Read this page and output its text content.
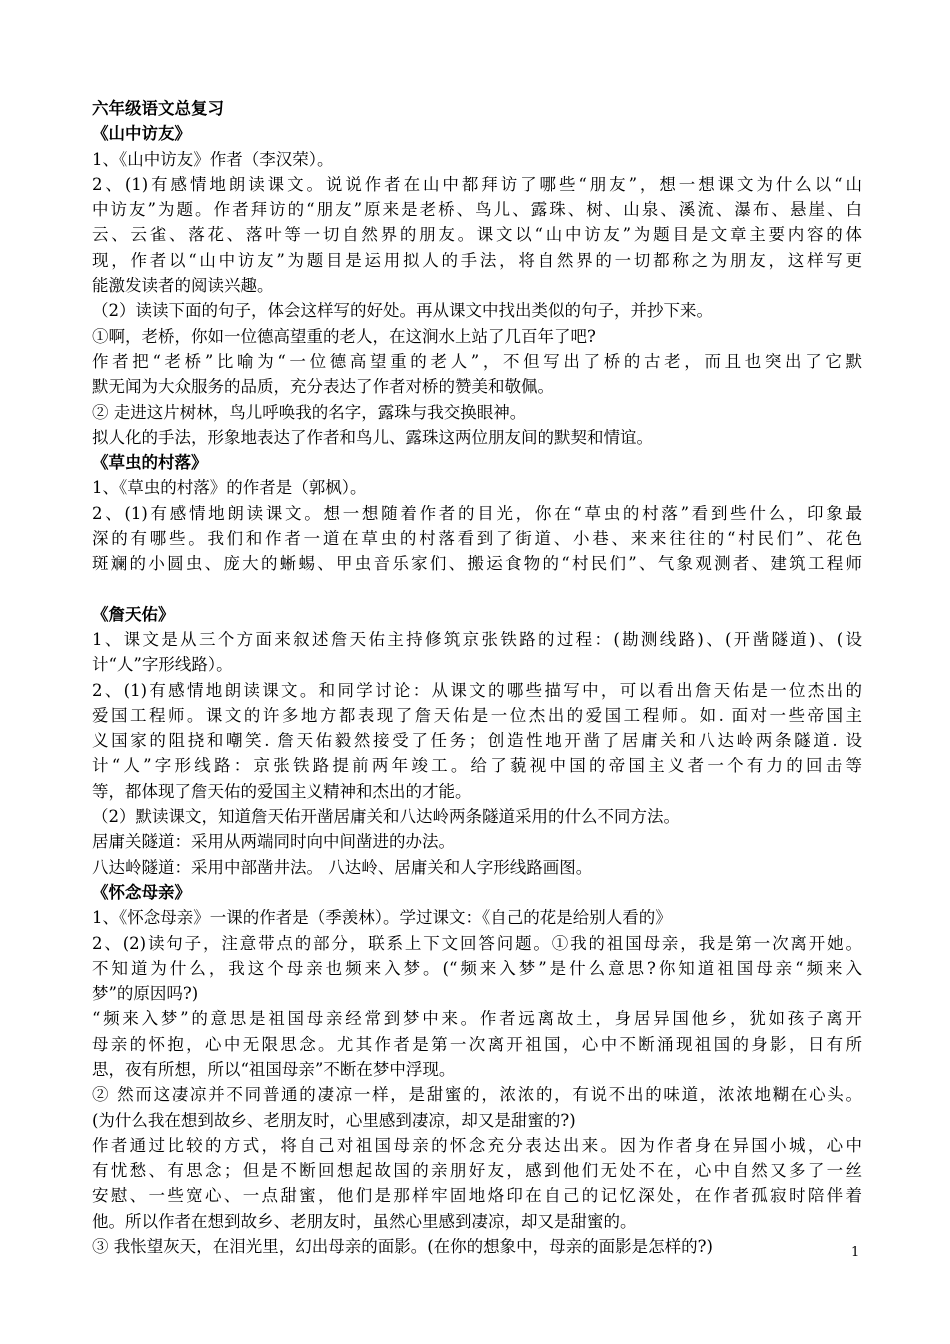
六年级语文总复习
《山中访友》
1、《山中访友》作者（李汉荣）。
2、(1)有感情地朗读课文。说说作者在山中都拜访了哪些“朋友”，想一想课文为什么以“山
中访友”为题。作者拜访的“朋友”原来是老桥、鸟儿、露珠、树、山泉、溪流、瀑布、悬崖、白
云、云雀、落花、落叶等一切自然界的朋友。课文以“山中访友”为题目是文章主要内容的体
现，作者以“山中访友”为题目是运用拟人的手法，将自然界的一切都称之为朋友，这样写更
能激发读者的阅读兴趣。
（2）读读下面的句子，体会这样写的好处。再从课文中找出类似的句子，并抄下来。
①啊，老桥，你如一位德高望重的老人，在这涧水上站了几百年了吧?
作者把“老桥”比喻为“一位德高望重的老人”，不但写出了桥的古老，而且也突出了它默
默无闻为大众服务的品质，充分表达了作者对桥的赞美和敬佩。
② 走进这片树林，鸟儿呼唤我的名字，露珠与我交换眼神。
拟人化的手法，形象地表达了作者和鸟儿、露珠这两位朋友间的默契和情谊。
《草虫的村落》
1、《草虫的村落》的作者是（郭枫）。
2、(1)有感情地朗读课文。想一想随着作者的目光，你在“草虫的村落”看到些什么，印象最
深的有哪些。我们和作者一道在草虫的村落看到了街道、小巷、来来往往的“村民们”、花色
斑斓的小圆虫、庞大的蜥蜴、甲虫音乐家们、搬运食物的“村民们”、气象观测者、建筑工程师
《詹天佑》
1、课文是从三个方面来叙述詹天佑主持修筑京张铁路的过程：(勘测线路)、(开凿隧道)、(设
计“人”字形线路）。
2、(1)有感情地朗读课文。和同学讨论：从课文的哪些描写中，可以看出詹天佑是一位杰出的
爱国工程师。课文的许多地方都表现了詹天佑是一位杰出的爱国工程师。如. 面对一些帝国主
义国家的阻挠和嘲笑. 詹天佑毅然接受了任务；创造性地开凿了居庸关和八达岭两条隧道. 设
计“人”字形线路：京张铁路提前两年竣工。给了藐视中国的帝国主义者一个有力的回击等
等，都体现了詹天佑的爱国主义精神和杰出的才能。
（2）默读课文，知道詹天佑开凿居庸关和八达岭两条隧道采用的什么不同方法。
居庸关隧道：采用从两端同时向中间凿进的办法。
八达岭隧道：采用中部凿井法。 八达岭、居庸关和人字形线路画图。
《怀念母亲》
1、《怀念母亲》一课的作者是（季羡林）。学过课文：《自己的花是给别人看的》
2、(2)读句子，注意带点的部分，联系上下文回答问题。①我的祖国母亲，我是第一次离开她。
不知道为什么，我这个母亲也频来入梦。(“频来入梦”是什么意思?你知道祖国母亲“频来入
梦”的原因吗?)
“频来入梦”的意思是祖国母亲经常到梦中来。作者远离故土，身居异国他乡，犹如孩子离开
母亲的怀抱，心中无限思念。尤其作者是第一次离开祖国，心中不断涌现祖国的身影，日有所
思，夜有所想，所以“祖国母亲”不断在梦中浮现。
② 然而这凄凉并不同普通的凄凉一样，是甜蜜的，浓浓的，有说不出的味道，浓浓地糊在心头。
(为什么我在想到故乡、老朋友时，心里感到凄凉，却又是甜蜜的?)
作者通过比较的方式，将自己对祖国母亲的怀念充分表达出来。因为作者身在异国小城，心中
有忧愁、有思念；但是不断回想起故国的亲朋好友，感到他们无处不在，心中自然又多了一丝
安慰、一些宽心、一点甜蜜，他们是那样牢固地烙印在自己的记忆深处，在作者孤寂时陪伴着
他。所以作者在想到故乡、老朋友时，虽然心里感到凄凉，却又是甜蜜的。
③ 我怅望灰天，在泪光里，幻出母亲的面影。(在你的想象中，母亲的面影是怎样的?)	1
